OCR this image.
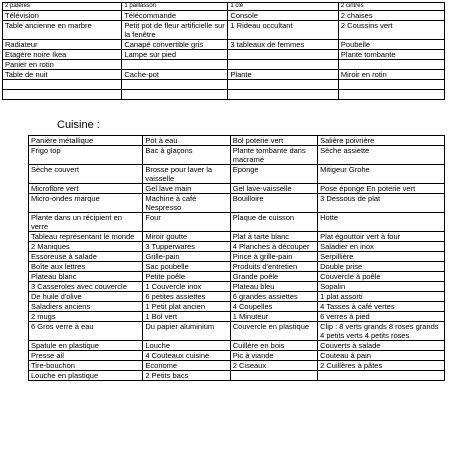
2 patères	1 paillasson	1 clé	2 cintres
Télévision	Télécommande	Console	2 chaises
Table ancienne en marbre	Petit pot de fleur artificielle sur la fenêtre	1 Rideau occultant	2 Coussins vert
Radiateur	Canapé convertible gris	3 tableaux de femmes	Poubelle
Etagère noire Ikea	Lampe sur pied		Plante tombante
Panier en rotin			
Table de nuit	Cache-pot	Plante	Miroir en rotin

Cuisine :
Panière métallique	Pot à eau	Bol poterie vert	Salière poivrière
Frigo top	Bac à glaçons	Plante tombante dans macramé	Sèche assiette
Sèche couvert	Brosse pour laver la vaisselle	Eponge	Mitigeur Grohe
Microfibre vert	Gel lave main	Gel lave-vaisselle	Pose éponge En poterie vert
Micro-ondes marque	Machine à café Nespresso	Bouilloire	3 Dessous de plat
Plante dans un récipient en verre	Four	Plaque de cuisson	Hotte
Tableau représentant le monde	Miroir goutte	Plat à tarte blanc	Plat égouttoir vert à four
2 Maniques	3 Tupperwares	4 Planches à découper	Saladier en inox
Essoreuse à salade	Grille-pain	Pince à grille-pain	Serpillière
Boîte aux lettres	Sac poubelle	Produits d'entretien	Double prise
Plateau blanc	Petite poêle	Grande poêle	Couvercle à poêle
3 Casseroles avec couvercle	1 Couvercle inox	Plateau bleu	Sopalin
De huile d'olive	6 petites assiettes	6 grandes assiettes	1 plat assorti
Saladiers anciens	1 Petit plat ancien	4 Coupelles	4 Tasses à café vertes
2 mugs	1 Bol vert	1 Minuteur	6 verres à pied
6 Gros verre à eau	Du papier aluminium	Couvercle en plastique	Clip : 8 verts grands 8 roses grands 4 petits verts 4 petits roses
Spatule en plastique	Louche	Cuillère en bois	Couverts à salade
Presse ail	4 Couteaux cuisine	Pic à viande	Couteau à pain
Tire-bouchon	Econome	2 Ciseaux	2 Cuillères à pâtes
Louche en plastique	2 Petits bacs		
